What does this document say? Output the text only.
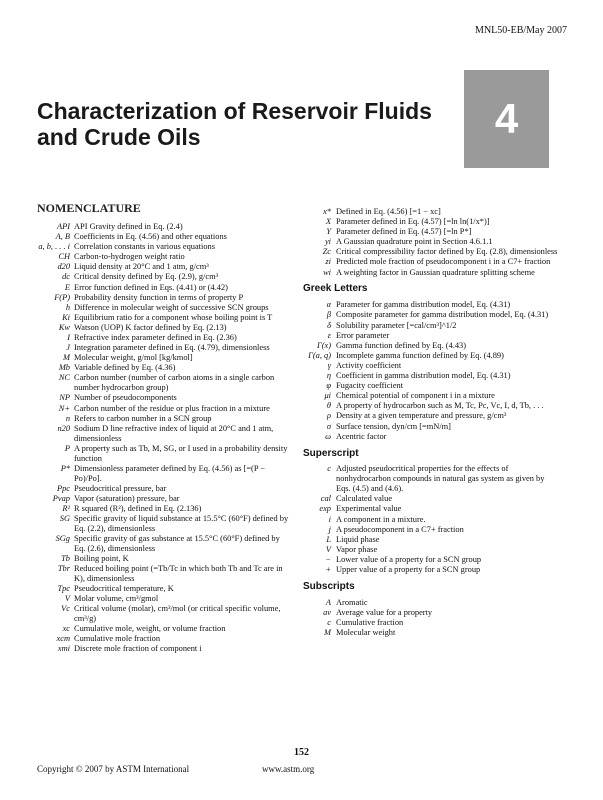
MNL50-EB/May 2007
4
Characterization of Reservoir Fluids and Crude Oils
NOMENCLATURE
API API Gravity defined in Eq. (2.4)
A, B Coefficients in Eq. (4.56) and other equations
a, b, . . . i Correlation constants in various equations
CH Carbon-to-hydrogen weight ratio
d20 Liquid density at 20°C and 1 atm, g/cm³
dc Critical density defined by Eq. (2.9), g/cm³
E Error function defined in Eqs. (4.41) or (4.42)
F(P) Probability density function in terms of property P
h Difference in molecular weight of successive SCN groups
Ki Equilibrium ratio for a component whose boiling point is T
Kw Watson (UOP) K factor defined by Eq. (2.13)
I Refractive index parameter defined in Eq. (2.36)
J Integration parameter defined in Eq. (4.79), dimensionless
M Molecular weight, g/mol [kg/kmol]
Mb Variable defined by Eq. (4.36)
NC Carbon number (number of carbon atoms in a single carbon number hydrocarbon group)
NP Number of pseudocomponents
N+ Carbon number of the residue or plus fraction in a mixture
n Refers to carbon number in a SCN group
n20 Sodium D line refractive index of liquid at 20°C and 1 atm, dimensionless
P A property such as Tb, M, SG, or I used in a probability density function
P* Dimensionless parameter defined by Eq. (4.56) as [=(P − Po)/Po].
Ppc Pseudocritical pressure, bar
Pvap Vapor (saturation) pressure, bar
R² R squared (R²), defined in Eq. (2.136)
SG Specific gravity of liquid substance at 15.5°C (60°F) defined by Eq. (2.2), dimensionless
SGg Specific gravity of gas substance at 15.5°C (60°F) defined by Eq. (2.6), dimensionless
Tb Boiling point, K
Tbr Reduced boiling point (=Tb/Tc in which both Tb and Tc are in K), dimensionless
Tpc Pseudocritical temperature, K
V Molar volume, cm³/gmol
Vc Critical volume (molar), cm³/mol (or critical specific volume, cm³/g)
xc Cumulative mole, weight, or volume fraction
xcm Cumulative mole fraction
xmi Discrete mole fraction of component i
x* Defined in Eq. (4.56) [=1 − xc]
X Parameter defined in Eq. (4.57) [=ln ln(1/x*)]
Y Parameter defined in Eq. (4.57) [=ln P*]
yi A Gaussian quadrature point in Section 4.6.1.1
Zc Critical compressibility factor defined by Eq. (2.8), dimensionless
zi Predicted mole fraction of pseudocomponent i in a C7+ fraction
wi A weighting factor in Gaussian quadrature splitting scheme
Greek Letters
α Parameter for gamma distribution model, Eq. (4.31)
β Composite parameter for gamma distribution model, Eq. (4.31)
δ Solubility parameter [=cal/cm³]^1/2
ε Error parameter
Γ(x) Gamma function defined by Eq. (4.43)
Γ(a, q) Incomplete gamma function defined by Eq. (4.89)
γ Activity coefficient
η Coefficient in gamma distribution model, Eq. (4.31)
φ Fugacity coefficient
μi Chemical potential of component i in a mixture
θ A property of hydrocarbon such as M, Tc, Pc, Vc, I, d, Tb, . . .
ρ Density at a given temperature and pressure, g/cm³
σ Surface tension, dyn/cm [=mN/m]
ω Acentric factor
Superscript
c Adjusted pseudocritical properties for the effects of nonhydrocarbon compounds in natural gas system as given by Eqs. (4.5) and (4.6).
cal Calculated value
exp Experimental value
i A component in a mixture.
j A pseudocomponent in a C7+ fraction
L Liquid phase
V Vapor phase
− Lower value of a property for a SCN group
+ Upper value of a property for a SCN group
Subscripts
A Aromatic
av Average value for a property
c Cumulative fraction
M Molecular weight
152
Copyright © 2007 by ASTM International	www.astm.org
